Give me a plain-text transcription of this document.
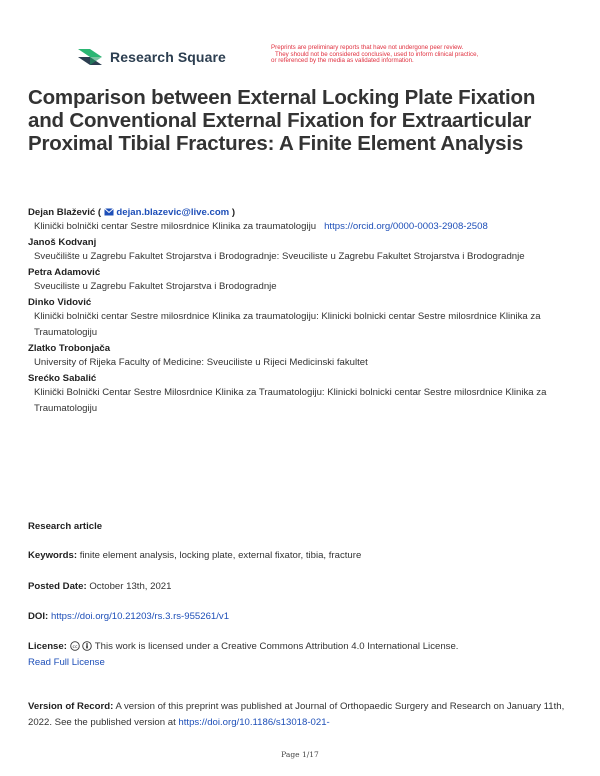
Research Square
Preprints are preliminary reports that have not undergone peer review.
They should not be considered conclusive, used to inform clinical practice,
or referenced by the media as validated information.
Comparison between External Locking Plate Fixation and Conventional External Fixation for Extraarticular Proximal Tibial Fractures: A Finite Element Analysis
Dejan Blažević (  dejan.blazevic@live.com )
Klinički bolnički centar Sestre milosrdnice Klinika za traumatologiju https://orcid.org/0000-0003-2908-2508
Janoš Kodvanj
Sveučilište u Zagrebu Fakultet Strojarstva i Brodogradnje: Sveuciliste u Zagrebu Fakultet Strojarstva i Brodogradnje
Petra Adamović
Sveuciliste u Zagrebu Fakultet Strojarstva i Brodogradnje
Dinko Vidović
Klinički bolnički centar Sestre milosrdnice Klinika za traumatologiju: Klinicki bolnicki centar Sestre milosrdnice Klinika za Traumatologiju
Zlatko Trobonjača
University of Rijeka Faculty of Medicine: Sveuciliste u Rijeci Medicinski fakultet
Srećko Sabalić
Klinički Bolnički Centar Sestre Milosrdnice Klinika za Traumatologiju: Klinicki bolnicki centar Sestre milosrdnice Klinika za Traumatologiju
Research article
Keywords: finite element analysis, locking plate, external fixator, tibia, fracture
Posted Date: October 13th, 2021
DOI: https://doi.org/10.21203/rs.3.rs-955261/v1
License: cc This work is licensed under a Creative Commons Attribution 4.0 International License.
Read Full License
Version of Record: A version of this preprint was published at Journal of Orthopaedic Surgery and Research on January 11th, 2022. See the published version at https://doi.org/10.1186/s13018-021-
Page 1/17
